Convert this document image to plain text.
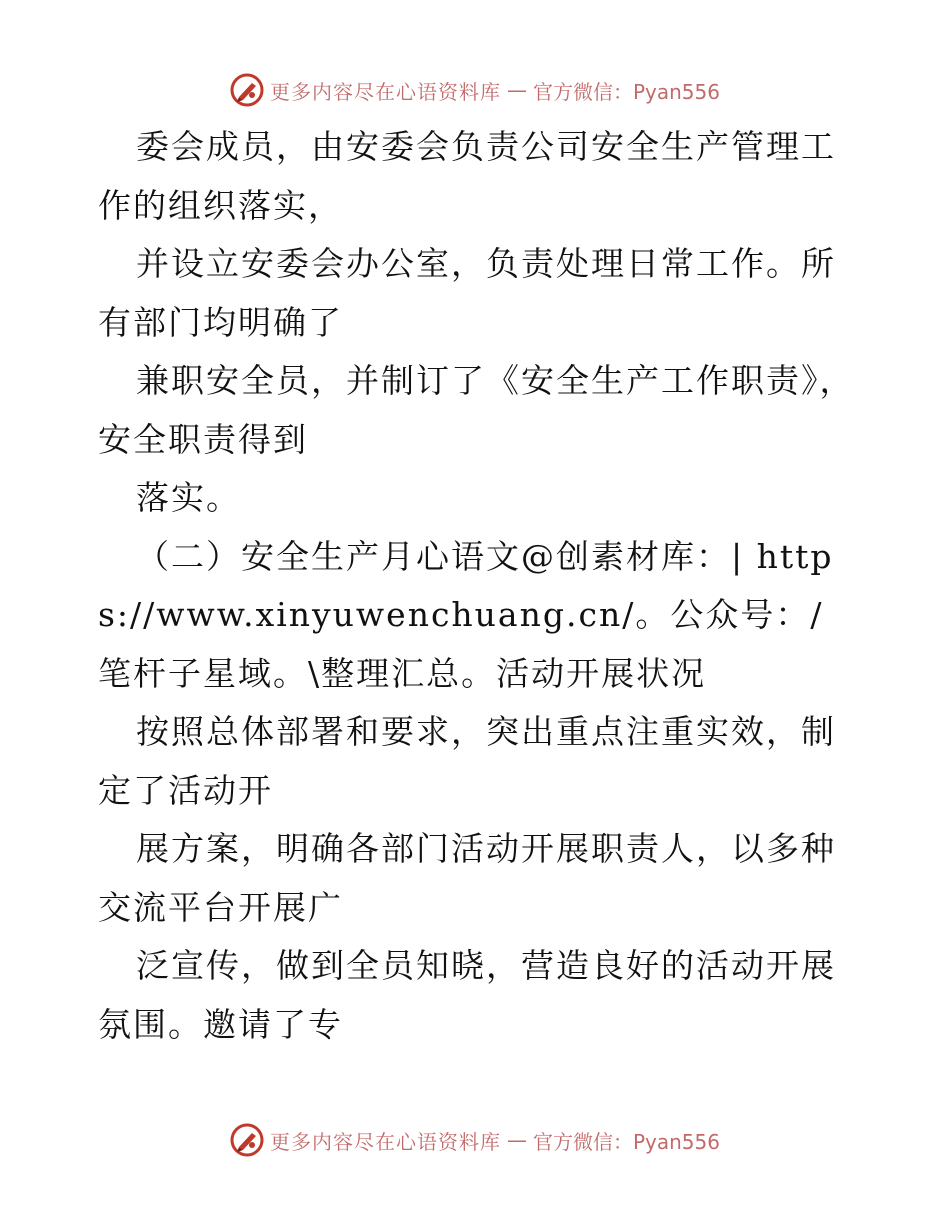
更多内容尽在心语资料库 — 官方微信：Pyan556

委会成员，由安委会负责公司安全生产管理工作的组织落实，

并设立安委会办公室，负责处理日常工作。所有部门均明确了

兼职安全员，并制订了《安全生产工作职责》，安全职责得到

落实。

（二）安全生产月心语文@创素材库：| https://www.xinyuwenchuang.cn/。公众号：/笔杆子星域。\整理汇总。活动开展状况

按照总体部署和要求，突出重点注重实效，制定了活动开

展方案，明确各部门活动开展职责人，以多种交流平台开展广

泛宣传，做到全员知晓，营造良好的活动开展氛围。邀请了专

更多内容尽在心语资料库 — 官方微信：Pyan556
